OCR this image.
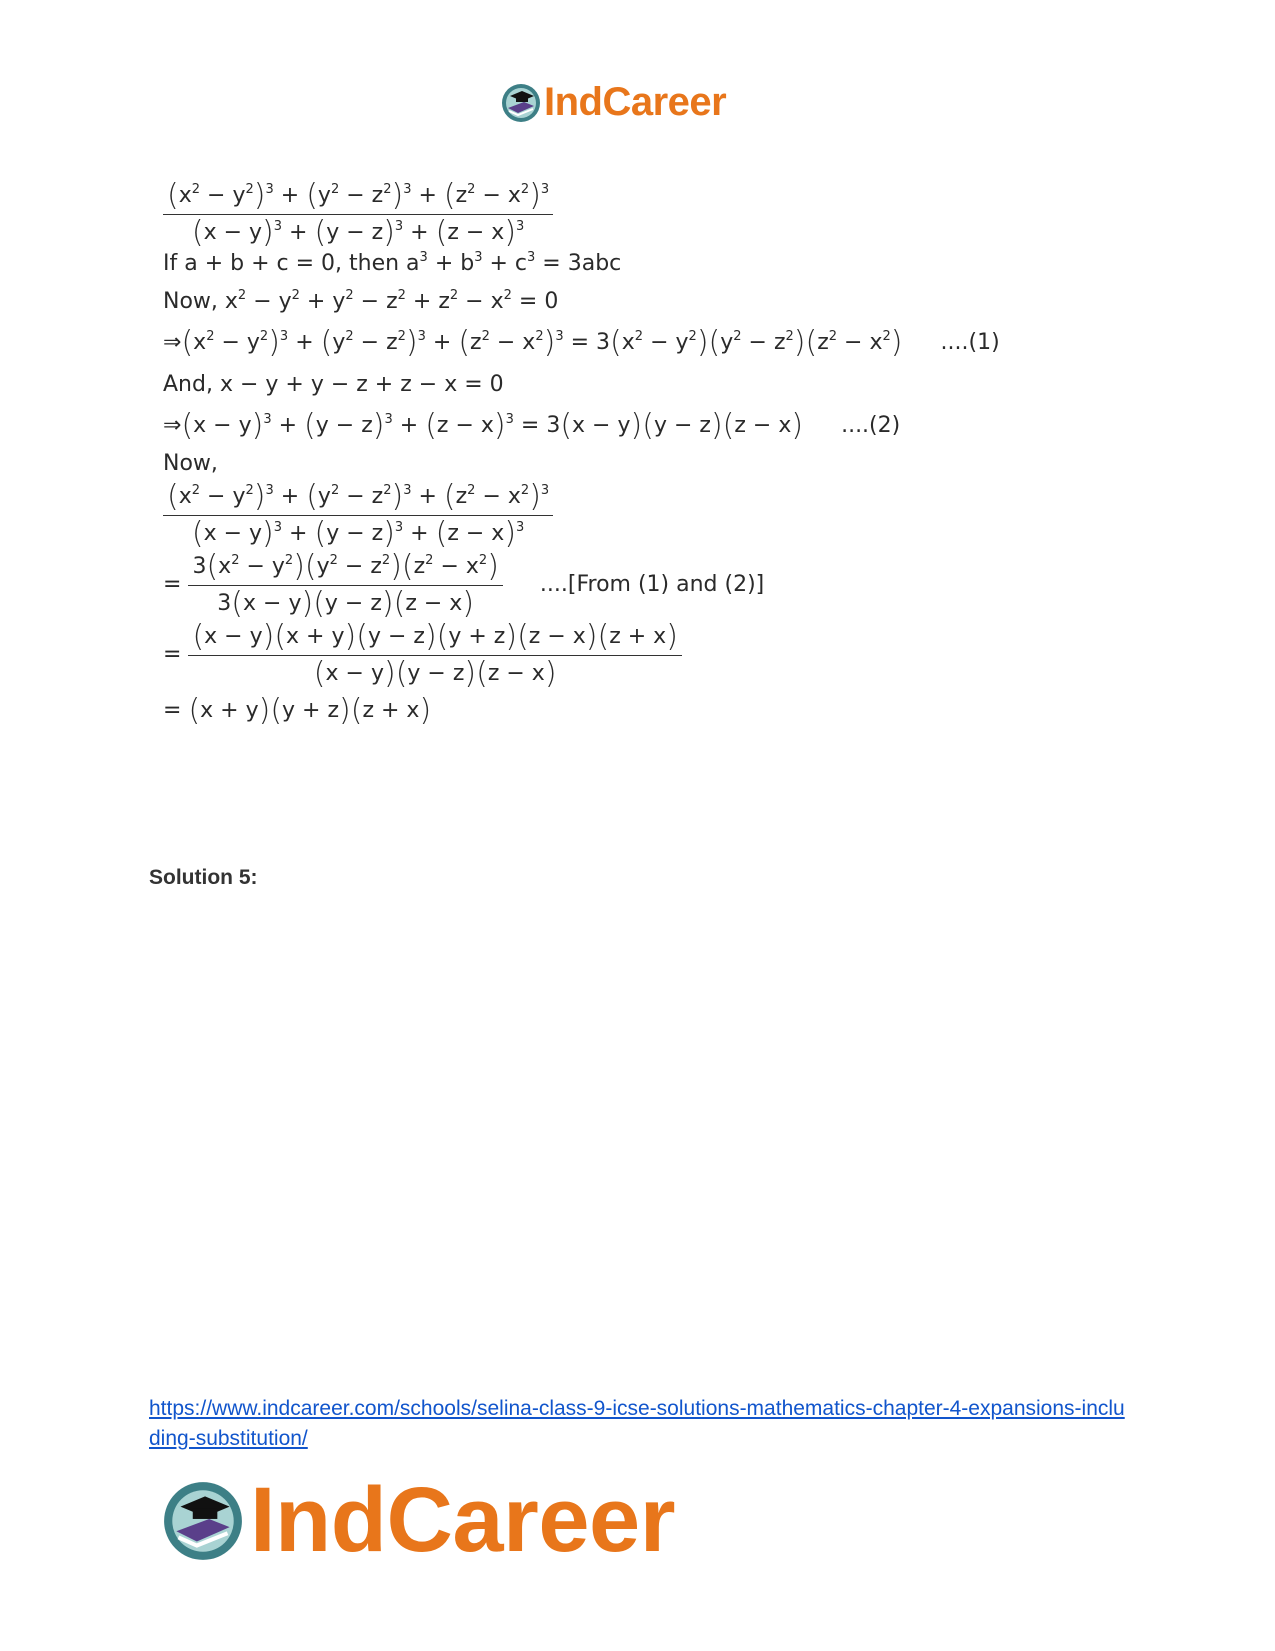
IndCareer
$\frac{(x^2 - y^2)^3 + (y^2 - z^2)^3 + (z^2 - x^2)^3}{(x - y)^3 + (y - z)^3 + (z - x)^3}$
If a + b + c = 0, then $a^3 + b^3 + c^3 = 3abc$
Now, $x^2 - y^2 + y^2 - z^2 + z^2 - x^2 = 0$
$\Rightarrow(x^2 - y^2)^3 + (y^2 - z^2)^3 + (z^2 - x^2)^3 = 3(x^2 - y^2)(y^2 - z^2)(z^2 - x^2)$ ....(1)
And, x − y + y − z + z − x = 0
⇒(x − $y)^3 + (y - z)^3 + (z - x)^3 = 3(x - y)(y - z)(z - x)$ ....(2)
Now,
$\frac{(x^2 - y^2)^3 + (y^2 - z^2)^3 + (z^2 - x^2)^3}{(x - y)^3 + (y - z)^3 + (z - x)^3}$
= $\frac{3(x^2 - y^2)(y^2 - z^2)(z^2 - x^2)}{3(x - y)(y - z)(z - x)}$ ....[From (1) and (2)]
= $\frac{(x - y)(x + y)(y - z)(y + z)(z - x)(z + x)}{(x - y)(y - z)(z - x)}$
= (x + y)(y + z)(z + x)
Solution 5:
https://www.indcareer.com/schools/selina-class-9-icse-solutions-mathematics-chapter-4-expansions-including-substitution/
IndCareer
